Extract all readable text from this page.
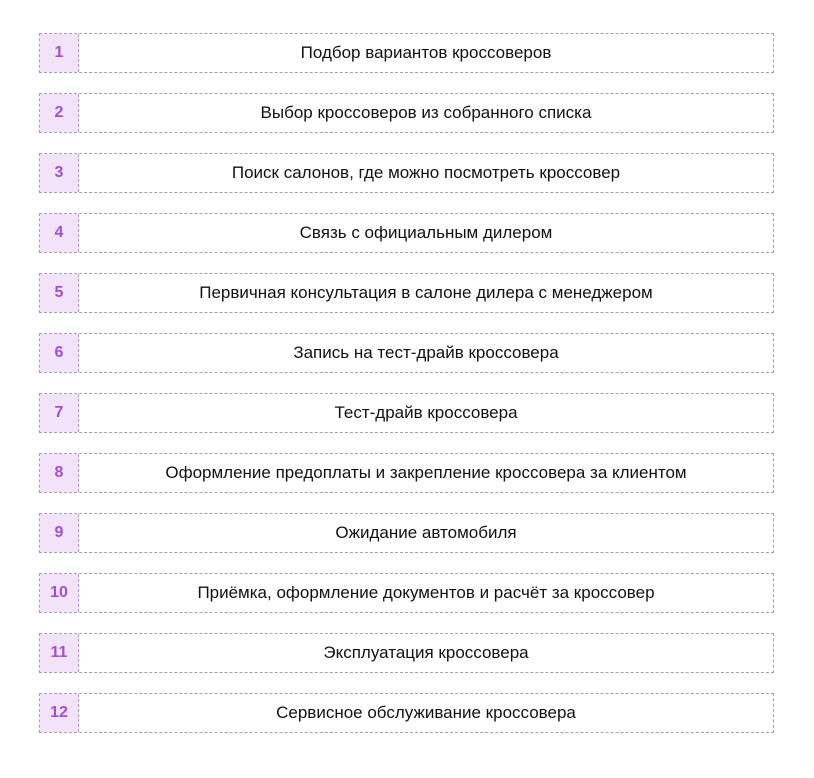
1	Подбор вариантов кроссоверов
2	Выбор кроссоверов из собранного списка
3	Поиск салонов, где можно посмотреть кроссовер
4	Связь с официальным дилером
5	Первичная консультация в салоне дилера с менеджером
6	Запись на тест-драйв кроссовера
7	Тест-драйв кроссовера
8	Оформление предоплаты и закрепление кроссовера за клиентом
9	Ожидание автомобиля
10	Приёмка, оформление документов и расчёт за кроссовер
11	Эксплуатация кроссовера
12	Сервисное обслуживание кроссовера
